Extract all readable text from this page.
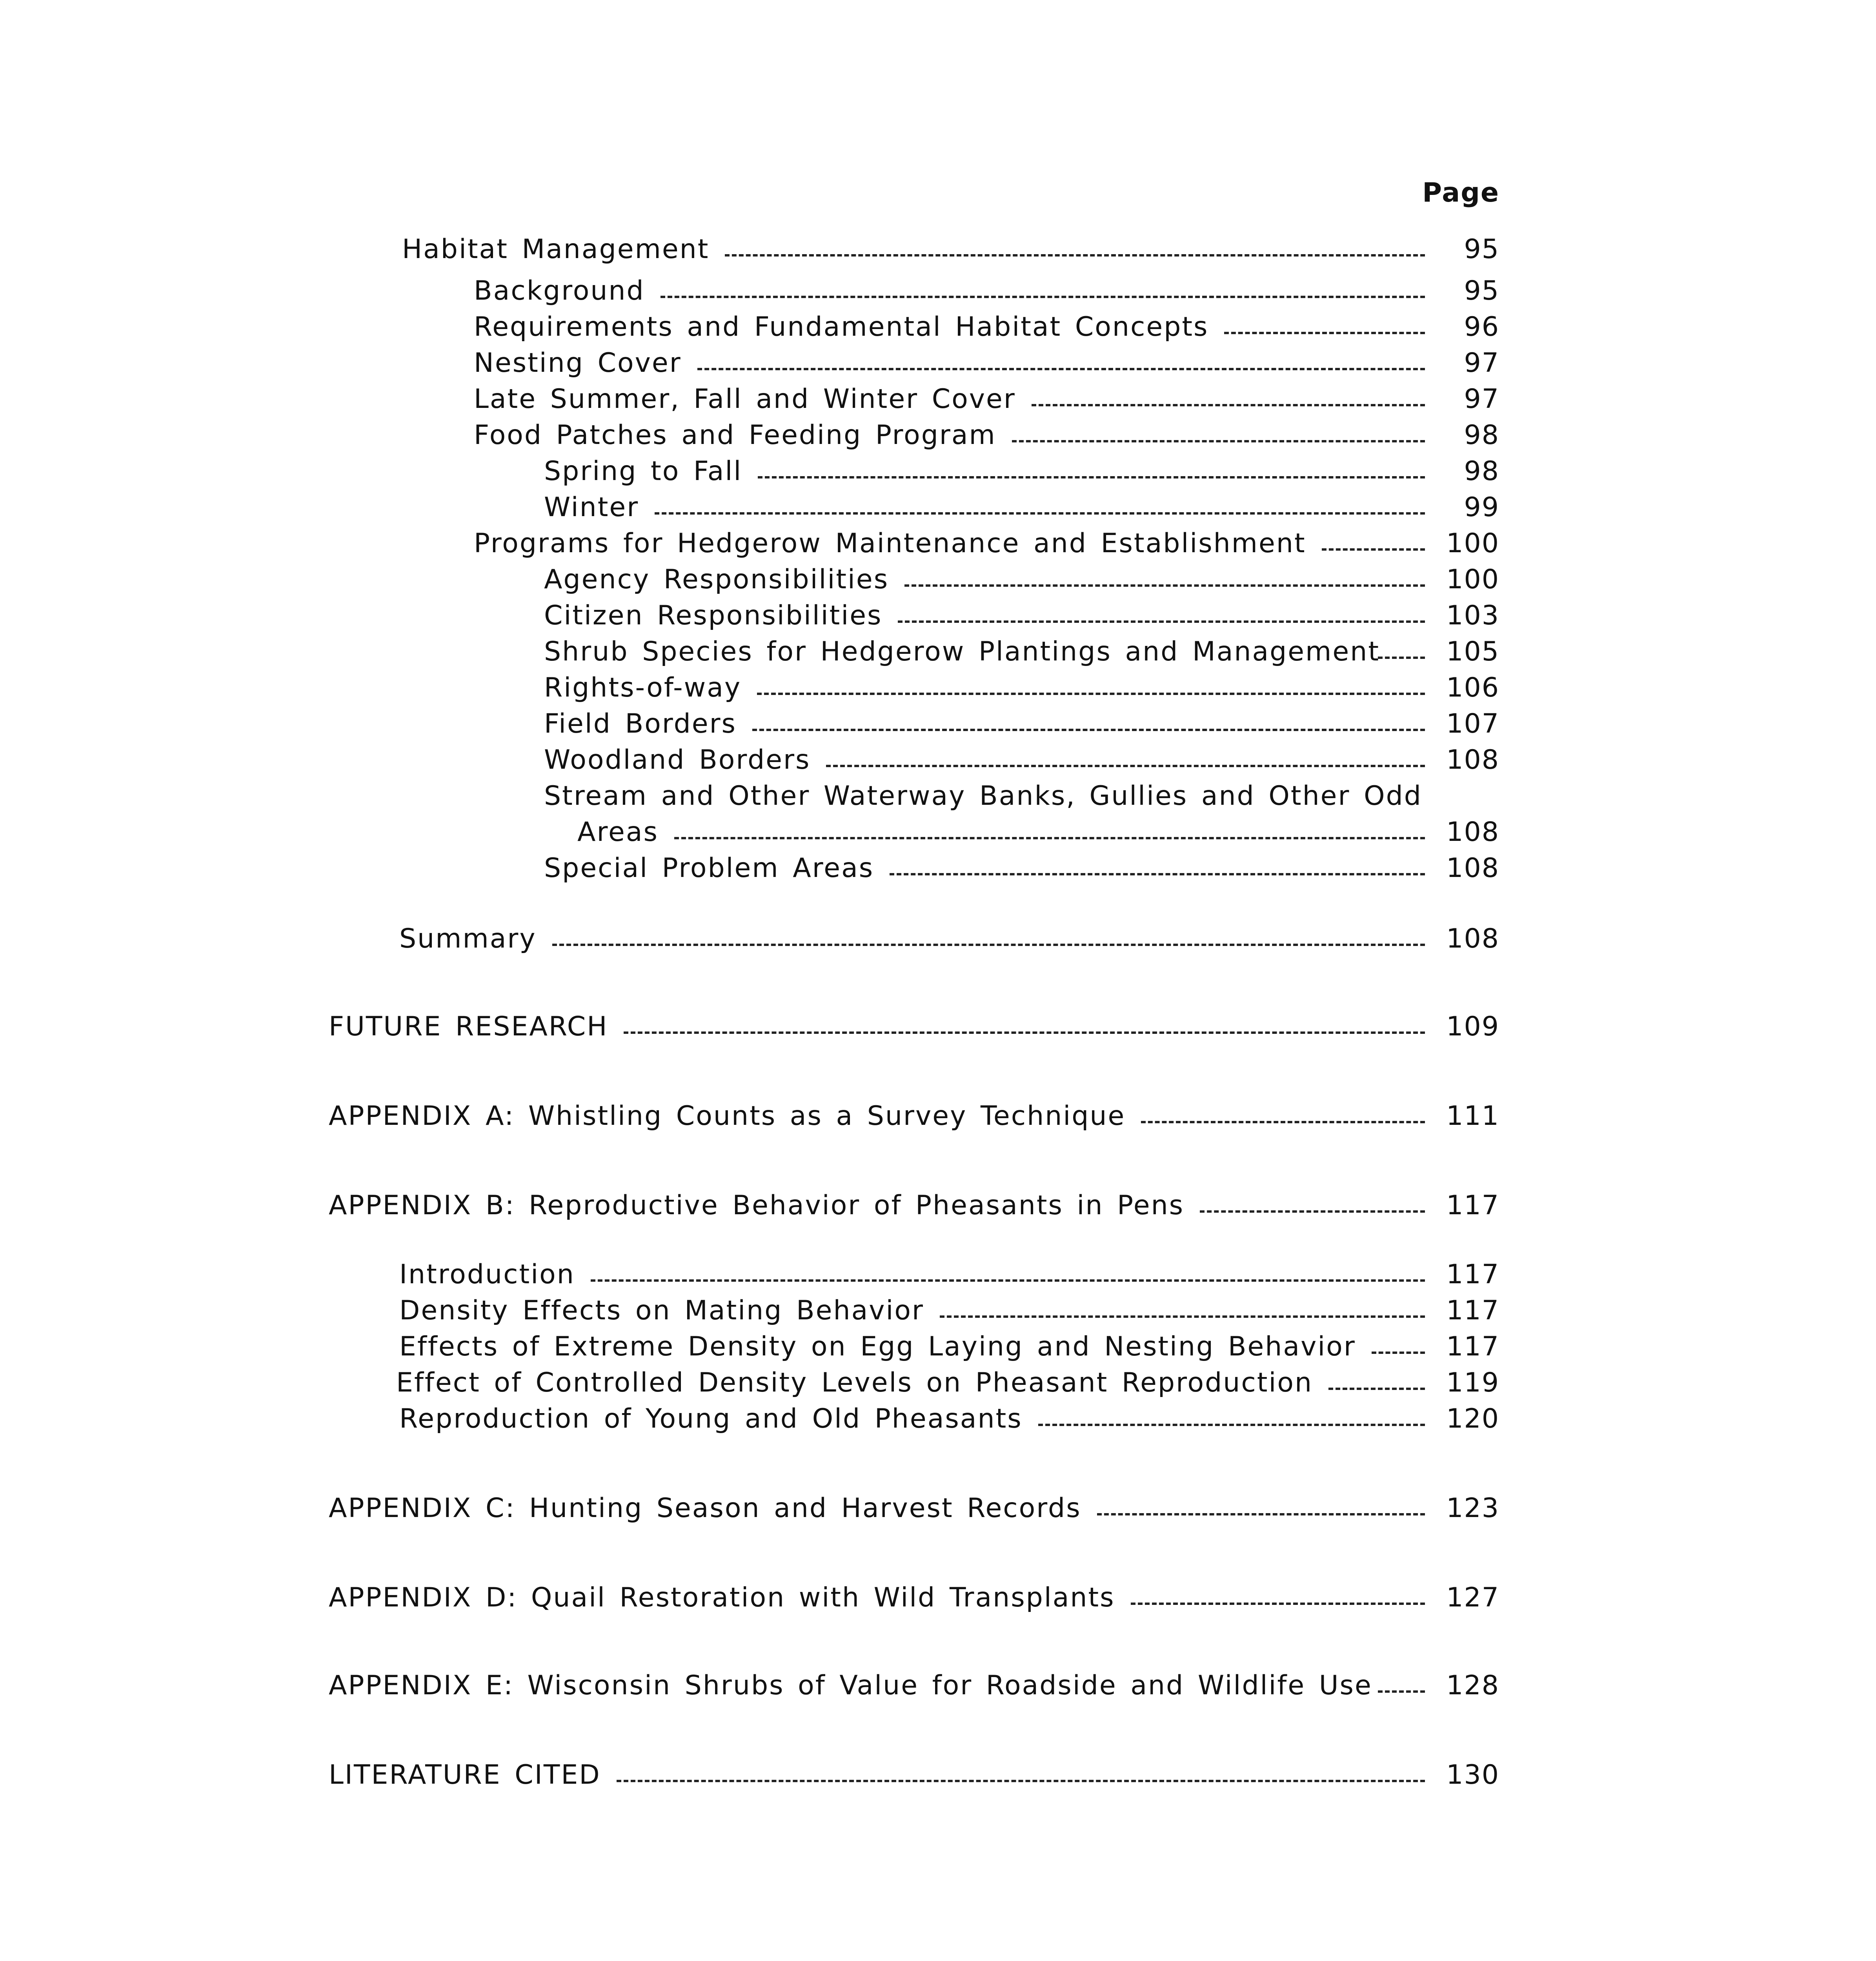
Page
Habitat Management	95
Background	95
Requirements and Fundamental Habitat Concepts	96
Nesting Cover	97
Late Summer, Fall and Winter Cover	97
Food Patches and Feeding Program	98
Spring to Fall	98
Winter	99
Programs for Hedgerow Maintenance and Establishment	100
Agency Responsibilities	100
Citizen Responsibilities	103
Shrub Species for Hedgerow Plantings and Management	105
Rights-of-way	106
Field Borders	107
Woodland Borders	108
Stream and Other Waterway Banks, Gullies and Other Odd
Areas	108
Special Problem Areas	108
Summary	108
FUTURE RESEARCH	109
APPENDIX A: Whistling Counts as a Survey Technique	111
APPENDIX B: Reproductive Behavior of Pheasants in Pens	117
Introduction	117
Density Effects on Mating Behavior	117
Effects of Extreme Density on Egg Laying and Nesting Behavior	117
Effect of Controlled Density Levels on Pheasant Reproduction	119
Reproduction of Young and Old Pheasants	120
APPENDIX C: Hunting Season and Harvest Records	123
APPENDIX D: Quail Restoration with Wild Transplants	127
APPENDIX E: Wisconsin Shrubs of Value for Roadside and Wildlife Use	128
LITERATURE CITED	130
